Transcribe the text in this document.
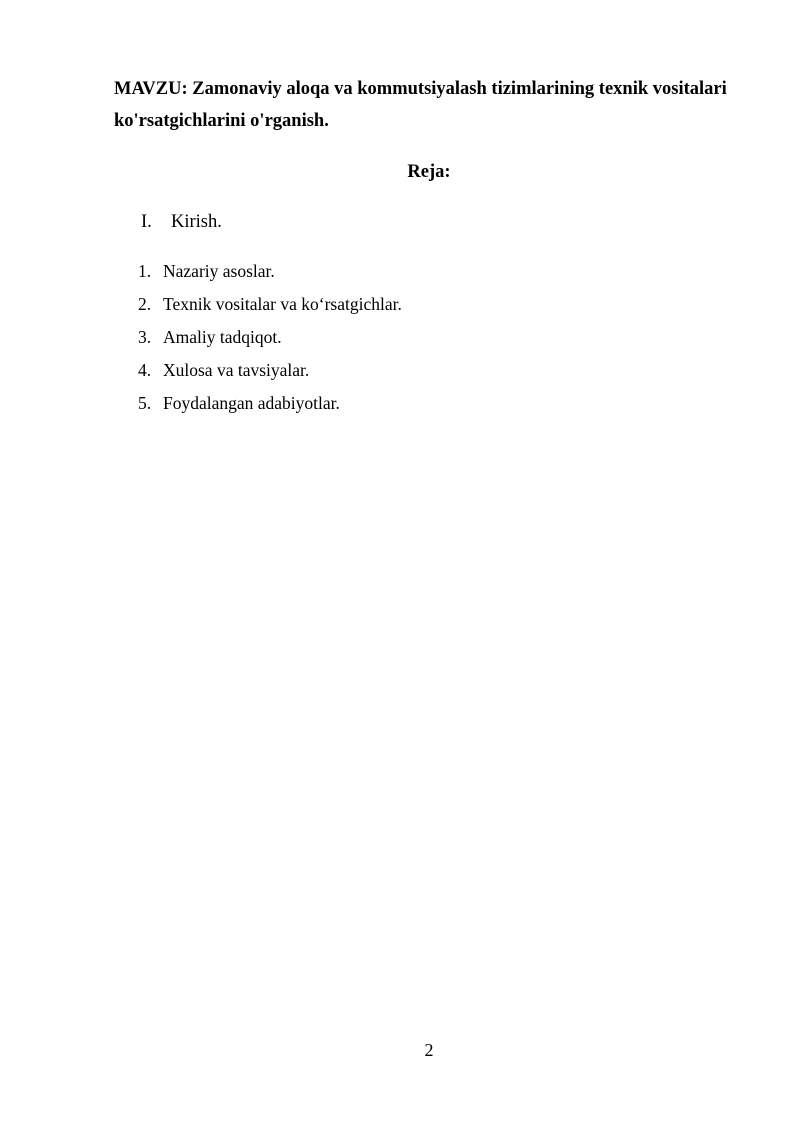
MAVZU: Zamonaviy aloqa va kommutsiyalash tizimlarining texnik vositalari
ko'rsatgichlarini o'rganish.
Reja:
I. Kirish.
1. Nazariy asoslar.
2. Texnik vositalar va ko‘rsatgichlar.
3. Amaliy tadqiqot.
4. Xulosa va tavsiyalar.
5. Foydalangan adabiyotlar.
2
